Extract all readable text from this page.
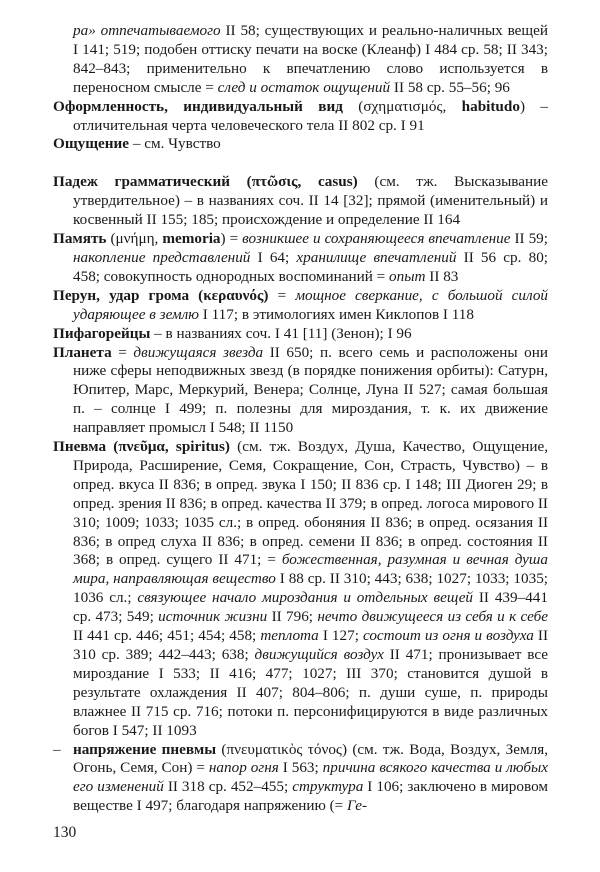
ра» отпечатываемого II 58; существующих и реально-наличных вещей I 141; 519; подобен оттиску печати на воске (Клеанф) I 484 ср. 58; II 343; 842–843; применительно к впечатлению слово используется в переносном смысле = след и остаток ощущений II 58 ср. 55–56; 96

Оформленность, индивидуальный вид (σχηματισμός, habitudo) – отличительная черта человеческого тела II 802 ср. I 91

Ощущение – см. Чувство

Падеж грамматический (πτῶσις, casus) (см. тж. Высказывание утвердительное) – в названиях соч. II 14 [32]; прямой (именительный) и косвенный II 155; 185; происхождение и определение II 164

Память (μνήμη, memoria) = возникшее и сохраняющееся впечатление II 59; накопление представлений I 64; хранилище впечатлений II 56 ср. 80; 458; совокупность однородных воспоминаний = опыт II 83

Перун, удар грома (κεραυνός) = мощное сверкание, с большой силой ударяющее в землю I 117; в этимологиях имен Киклопов I 118

Пифагорейцы – в названиях соч. I 41 [11] (Зенон); I 96

Планета = движущаяся звезда II 650; п. всего семь и расположены они ниже сферы неподвижных звезд (в порядке понижения орбиты): Сатурн, Юпитер, Марс, Меркурий, Венера; Солнце, Луна II 527; самая большая п. – солнце I 499; п. полезны для мироздания, т. к. их движение направляет промысл I 548; II 1150

Пневма (πνεῦμα, spiritus) (см. тж. Воздух, Душа, Качество, Ощущение, Природа, Расширение, Семя, Сокращение, Сон, Страсть, Чувство) – в опред. вкуса II 836; в опред. звука I 150; II 836 ср. I 148; III Диоген 29; в опред. зрения II 836; в опред. качества II 379; в опред. логоса мирового II 310; 1009; 1033; 1035 сл.; в опред. обоняния II 836; в опред. осязания II 836; в опред слуха II 836; в опред. семени II 836; в опред. состояния II 368; в опред. сущего II 471; = божественная, разумная и вечная душа мира, направляющая вещество I 88 ср. II 310; 443; 638; 1027; 1033; 1035; 1036 сл.; связующее начало мироздания и отдельных вещей II 439–441 ср. 473; 549; источник жизни II 796; нечто движущееся из себя и к себе II 441 ср. 446; 451; 454; 458; теплота I 127; состоит из огня и воздуха II 310 ср. 389; 442–443; 638; движущийся воздух II 471; пронизывает все мироздание I 533; II 416; 477; 1027; III 370; становится душой в результате охлаждения II 407; 804–806; п. души суше, п. природы влажнее II 715 ср. 716; потоки п. персонифицируются в виде различных богов I 547; II 1093

– напряжение пневмы (πνευματικὸς τόνος) (см. тж. Вода, Воздух, Земля, Огонь, Семя, Сон) = напор огня I 563; причина всякого качества и любых его изменений II 318 ср. 452–455; структура I 106; заключено в мировом веществе I 497; благодаря напряжению (= Ге-

130
